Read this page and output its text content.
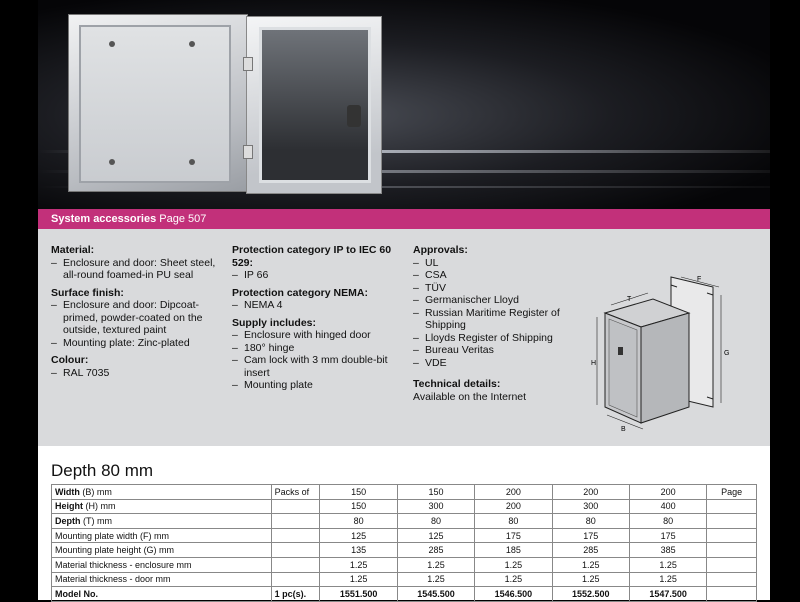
System accessories Page 507
Material:
– Enclosure and door: Sheet steel, all-round foamed-in PU seal
Surface finish:
– Enclosure and door: Dipcoat-primed, powder-coated on the outside, textured paint
– Mounting plate: Zinc-plated
Colour:
– RAL 7035
Protection category IP to IEC 60 529:
– IP 66
Protection category NEMA:
– NEMA 4
Supply includes:
– Enclosure with hinged door
– 180° hinge
– Cam lock with 3 mm double-bit insert
– Mounting plate
Approvals:
– UL
– CSA
– TÜV
– Germanischer Lloyd
– Russian Maritime Register of Shipping
– Lloyds Register of Shipping
– Bureau Veritas
– VDE
Technical details:

Available on the Internet

T
F
H
G
B
Depth 80 mm
Width (B) mm	Packs of	150	150	200	200	200	Page
Height (H) mm		150	300	200	300	400	
Depth (T) mm		80	80	80	80	80	
Mounting plate width (F) mm		125	125	175	175	175	
Mounting plate height (G) mm		135	285	185	285	385	
Material thickness - enclosure mm		1.25	1.25	1.25	1.25	1.25	
Material thickness - door mm		1.25	1.25	1.25	1.25	1.25	
Model No.	1 pc(s).	1551.500	1545.500	1546.500	1552.500	1547.500	
